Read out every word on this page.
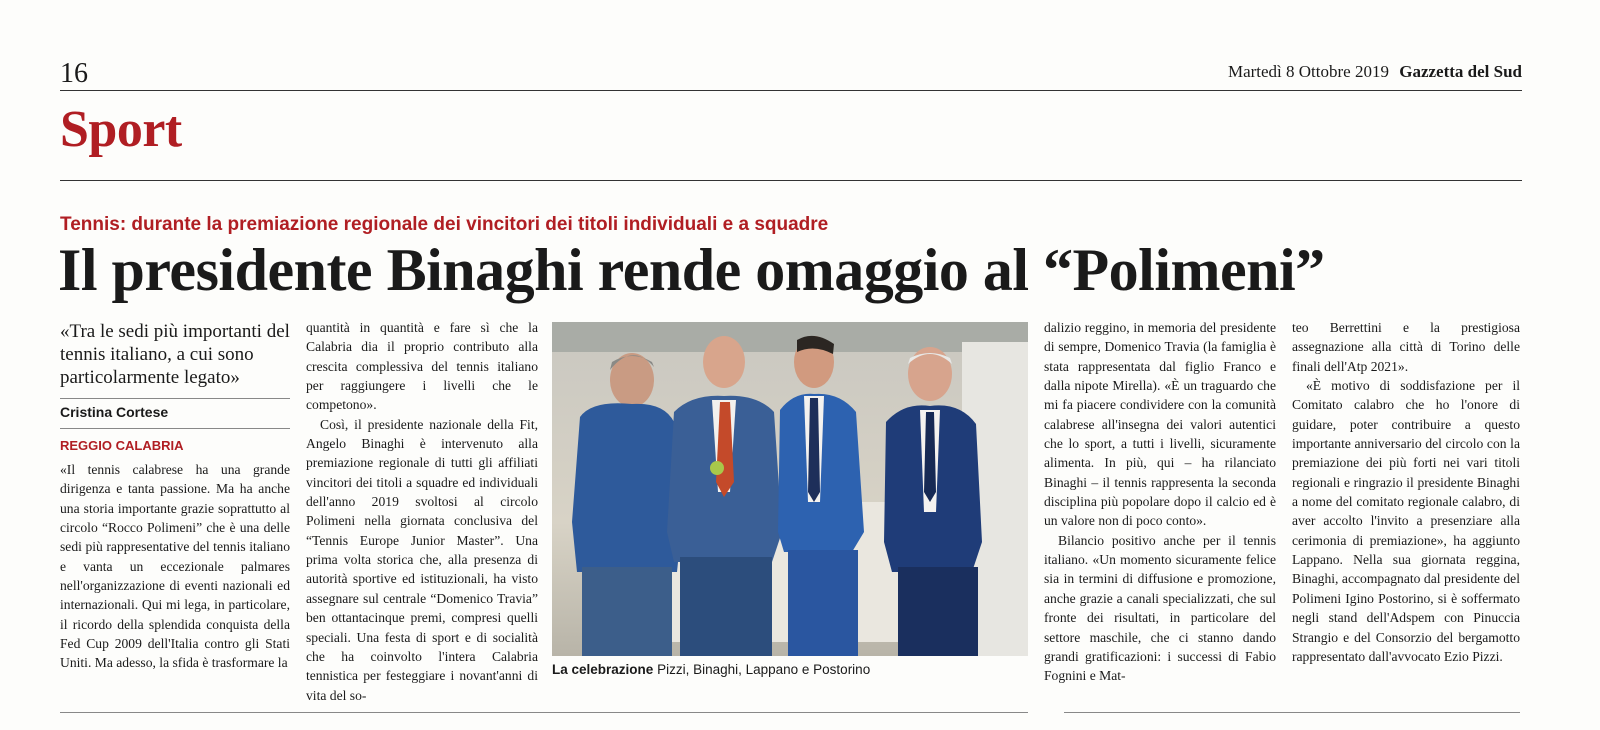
16	Martedì 8 Ottobre 2019 Gazzetta del Sud
Sport
Tennis: durante la premiazione regionale dei vincitori dei titoli individuali e a squadre
Il presidente Binaghi rende omaggio al “Polimeni”
«Tra le sedi più importanti del tennis italiano, a cui sono particolarmente legato»
Cristina Cortese
REGGIO CALABRIA

«Il tennis calabrese ha una grande dirigenza e tanta passione. Ma ha anche una storia importante grazie soprattutto al circolo “Rocco Polimeni” che è una delle sedi più rappresentative del tennis italiano e vanta un eccezionale palmares nell'organizzazione di eventi nazionali ed internazionali. Qui mi lega, in particolare, il ricordo della splendida conquista della Fed Cup 2009 dell'Italia contro gli Stati Uniti. Ma adesso, la sfida è trasformare la

quantità in quantità e fare sì che la Calabria dia il proprio contributo alla crescita complessiva del tennis italiano per raggiungere i livelli che le competono».

Così, il presidente nazionale della Fit, Angelo Binaghi è intervenuto alla premiazione regionale di tutti gli affiliati vincitori dei titoli a squadre ed individuali dell'anno 2019 svoltosi al circolo Polimeni nella giornata conclusiva del “Tennis Europe Junior Master”. Una prima volta storica che, alla presenza di autorità sportive ed istituzionali, ha visto assegnare sul centrale “Domenico Travia” ben ottantacinque premi, compresi quelli speciali. Una festa di sport e di socialità che ha coinvolto l'intera Calabria tennistica per festeggiare i novant'anni di vita del so-

La celebrazione Pizzi, Binaghi, Lappano e Postorino

dalizio reggino, in memoria del presidente di sempre, Domenico Travia (la famiglia è stata rappresentata dal figlio Franco e dalla nipote Mirella). «È un traguardo che mi fa piacere condividere con la comunità calabrese all'insegna dei valori autentici che lo sport, a tutti i livelli, sicuramente alimenta. In più, qui – ha rilanciato Binaghi – il tennis rappresenta la seconda disciplina più popolare dopo il calcio ed è un valore non di poco conto».

Bilancio positivo anche per il tennis italiano. «Un momento sicuramente felice sia in termini di diffusione e promozione, anche grazie a canali specializzati, che sul fronte dei risultati, in particolare del settore maschile, che ci stanno dando grandi gratificazioni: i successi di Fabio Fognini e Mat-

teo Berrettini e la prestigiosa assegnazione alla città di Torino delle finali dell'Atp 2021».

«È motivo di soddisfazione per il Comitato calabro che ho l'onore di guidare, poter contribuire a questo importante anniversario del circolo con la premiazione dei più forti nei vari titoli regionali e ringrazio il presidente Binaghi a nome del comitato regionale calabro, di aver accolto l'invito a presenziare alla cerimonia di premiazione», ha aggiunto Lappano. Nella sua giornata reggina, Binaghi, accompagnato dal presidente del Polimeni Igino Postorino, si è soffermato negli stand dell'Adspem con Pinuccia Strangio e del Consorzio del bergamotto rappresentato dall'avvocato Ezio Pizzi.
